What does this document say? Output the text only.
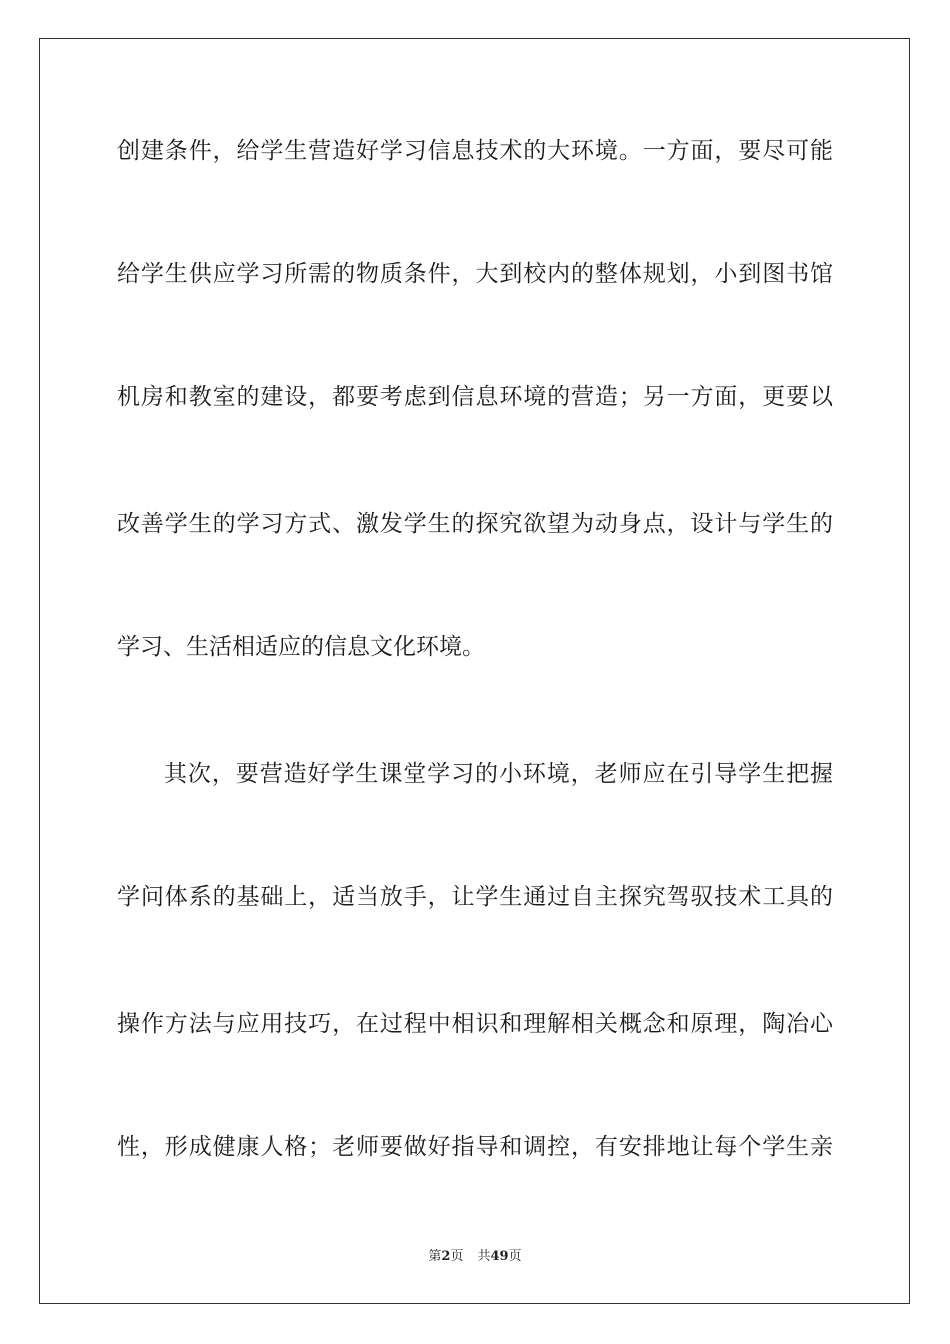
创建条件，给学生营造好学习信息技术的大环境。一方面，要尽可能
给学生供应学习所需的物质条件，大到校内的整体规划，小到图书馆
机房和教室的建设，都要考虑到信息环境的营造；另一方面，更要以
改善学生的学习方式、激发学生的探究欲望为动身点，设计与学生的
学习、生活相适应的信息文化环境。
其次，要营造好学生课堂学习的小环境，老师应在引导学生把握
学问体系的基础上，适当放手，让学生通过自主探究驾驭技术工具的
操作方法与应用技巧，在过程中相识和理解相关概念和原理，陶冶心
性，形成健康人格；老师要做好指导和调控，有安排地让每个学生亲
第2页 共49页
